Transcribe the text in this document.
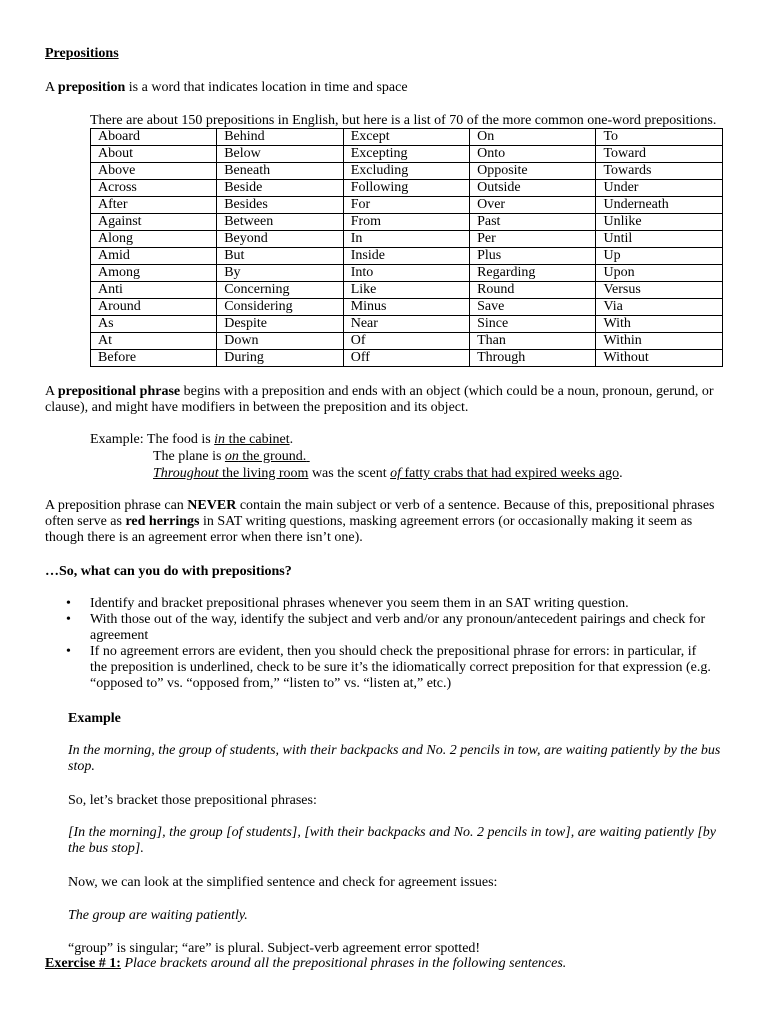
Prepositions
A preposition is a word that indicates location in time and space
There are about 150 prepositions in English, but here is a list of 70 of the more common one-word prepositions.
Aboard	Behind	Except	On	To
About	Below	Excepting	Onto	Toward
Above	Beneath	Excluding	Opposite	Towards
Across	Beside	Following	Outside	Under
After	Besides	For	Over	Underneath
Against	Between	From	Past	Unlike
Along	Beyond	In	Per	Until
Amid	But	Inside	Plus	Up
Among	By	Into	Regarding	Upon
Anti	Concerning	Like	Round	Versus
Around	Considering	Minus	Save	Via
As	Despite	Near	Since	With
At	Down	Of	Than	Within
Before	During	Off	Through	Without
A prepositional phrase begins with a preposition and ends with an object (which could be a noun, pronoun, gerund, or clause), and might have modifiers in between the preposition and its object.
Example: The food is in the cabinet.
The plane is on the ground.
Throughout the living room was the scent of fatty crabs that had expired weeks ago.
A preposition phrase can NEVER contain the main subject or verb of a sentence. Because of this, prepositional phrases often serve as red herrings in SAT writing questions, masking agreement errors (or occasionally making it seem as though there is an agreement error when there isn’t one).
…So, what can you do with prepositions?
• Identify and bracket prepositional phrases whenever you seem them in an SAT writing question.
• With those out of the way, identify the subject and verb and/or any pronoun/antecedent pairings and check for agreement
• If no agreement errors are evident, then you should check the prepositional phrase for errors: in particular, if the preposition is underlined, check to be sure it’s the idiomatically correct preposition for that expression (e.g. “opposed to” vs. “opposed from,” “listen to” vs. “listen at,” etc.)
Example
In the morning, the group of students, with their backpacks and No. 2 pencils in tow, are waiting patiently by the bus stop.
So, let’s bracket those prepositional phrases:
[In the morning], the group [of students], [with their backpacks and No. 2 pencils in tow], are waiting patiently [by the bus stop].
Now, we can look at the simplified sentence and check for agreement issues:
The group are waiting patiently.
“group” is singular; “are” is plural. Subject-verb agreement error spotted!
Exercise # 1: Place brackets around all the prepositional phrases in the following sentences.
